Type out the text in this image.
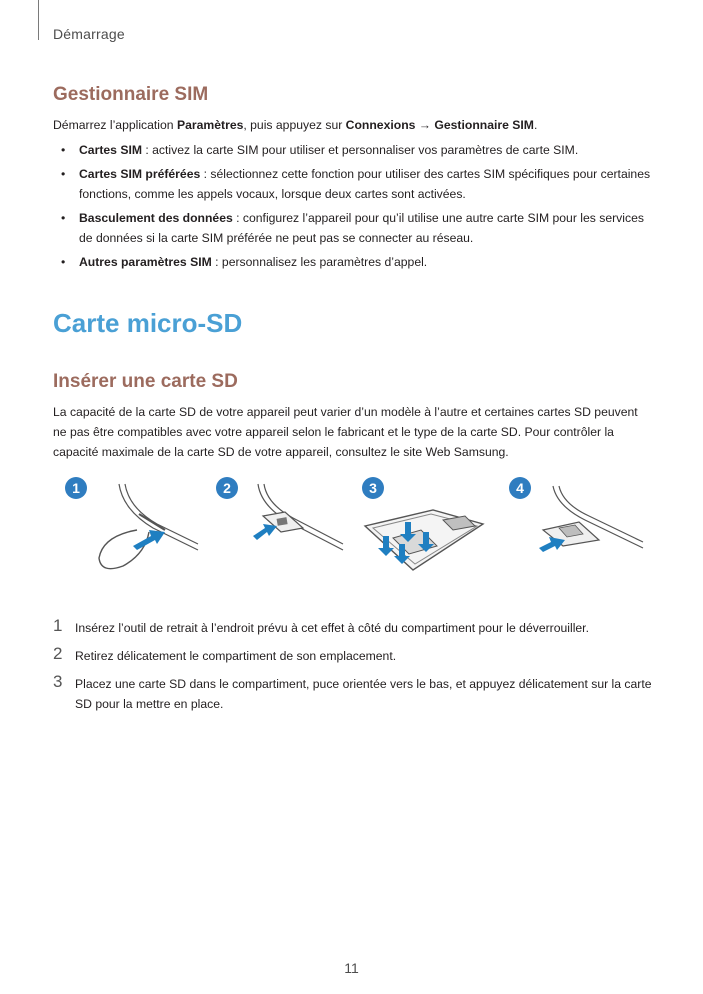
Démarrage
Gestionnaire SIM
Démarrez l’application Paramètres, puis appuyez sur Connexions → Gestionnaire SIM.
• Cartes SIM : activez la carte SIM pour utiliser et personnaliser vos paramètres de carte SIM.
• Cartes SIM préférées : sélectionnez cette fonction pour utiliser des cartes SIM spécifiques pour certaines fonctions, comme les appels vocaux, lorsque deux cartes sont activées.
• Basculement des données : configurez l’appareil pour qu’il utilise une autre carte SIM pour les services de données si la carte SIM préférée ne peut pas se connecter au réseau.
• Autres paramètres SIM : personnalisez les paramètres d’appel.
Carte micro-SD
Insérer une carte SD
La capacité de la carte SD de votre appareil peut varier d’un modèle à l’autre et certaines cartes SD peuvent ne pas être compatibles avec votre appareil selon le fabricant et le type de la carte SD. Pour contrôler la capacité maximale de la carte SD de votre appareil, consultez le site Web Samsung.
1	2	3	4
1 Insérez l’outil de retrait à l’endroit prévu à cet effet à côté du compartiment pour le déverrouiller.
2 Retirez délicatement le compartiment de son emplacement.
3 Placez une carte SD dans le compartiment, puce orientée vers le bas, et appuyez délicatement sur la carte SD pour la mettre en place.
11
